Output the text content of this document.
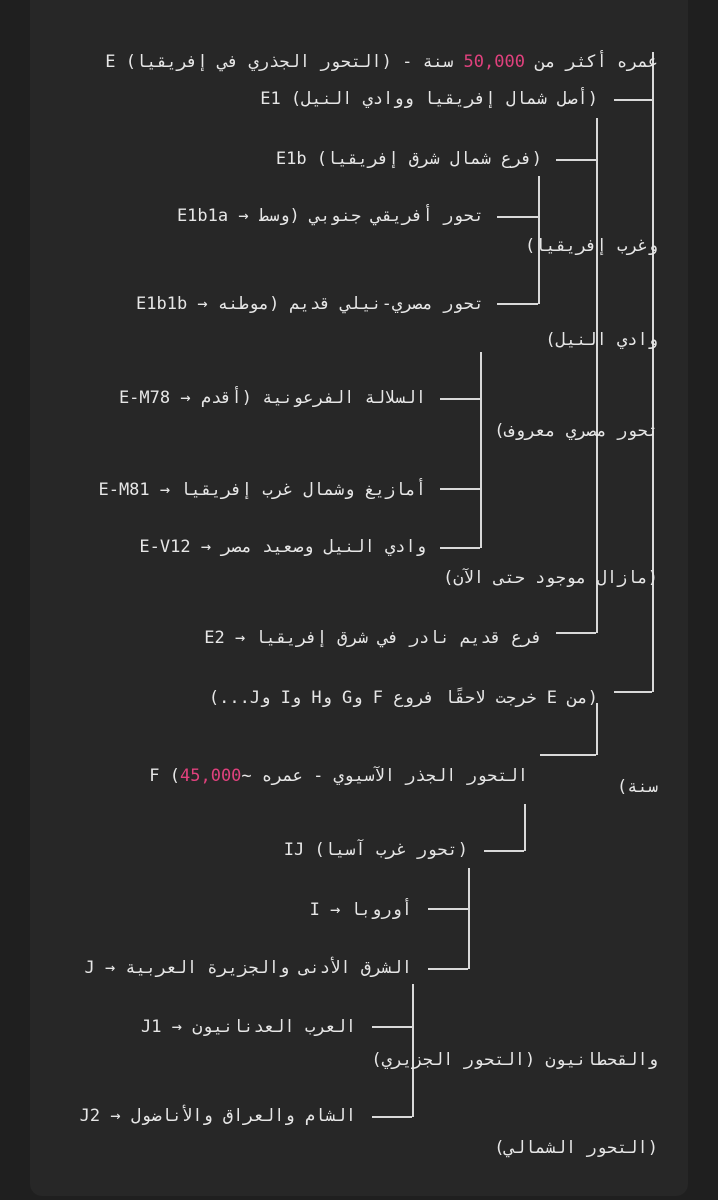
E (التحور الجذري في إفريقيا) - عمره أكثر من 50,000 سنة

E1 (أصل شمال إفريقيا ووادي النيل)
E1b (فرع شمال شرق إفريقيا)
E1b1a → تحور أفريقي جنوبي (وسط
وغرب إفريقيا)
E1b1b → تحور مصري-نيلي قديم (موطنه
وادي النيل)
E-M78 → السلالة الفرعونية (أقدم
تحور مصري معروف)
E-M81 → أمازيغ وشمال غرب إفريقيا
E-V12 → وادي النيل وصعيد مصر
(مازال موجود حتى الآن)
E2 → فرع قديم نادر في شرق إفريقيا
(من E خرجت لاحقًا فروع F وG وH وI وJ...)

F (التحور الجذر الآسيوي - عمره ~45,000

سنة)
IJ (تحور غرب آسيا)
I → أوروبا
J → الشرق الأدنى والجزيرة العربية
J1 → العرب العدنانيون
والقحطانيون (التحور الجزيري)
J2 → الشام والعراق والأناضول
(التحور الشمالي)
